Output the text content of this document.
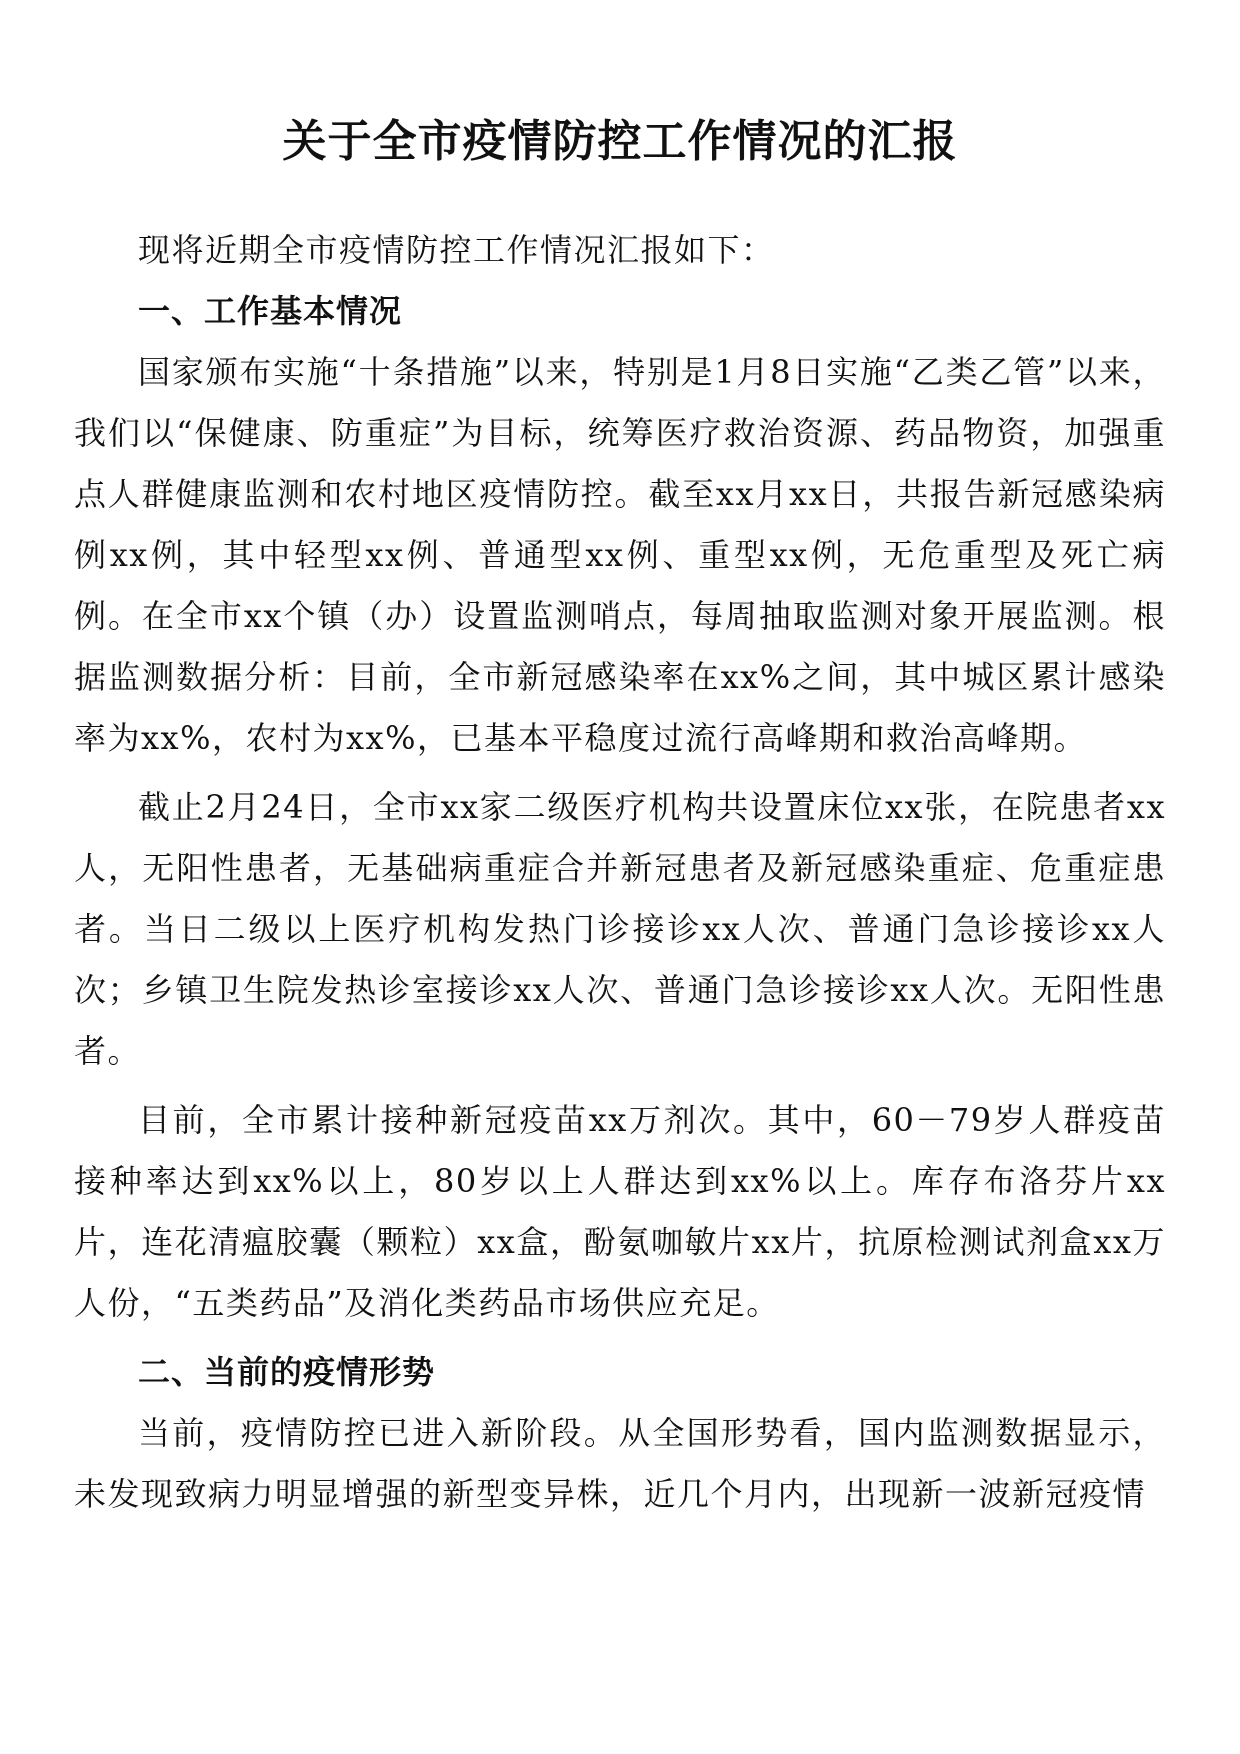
关于全市疫情防控工作情况的汇报

现将近期全市疫情防控工作情况汇报如下：

一、工作基本情况

国家颁布实施“十条措施”以来，特别是1月8日实施“乙类乙管”以来，我们以“保健康、防重症”为目标，统筹医疗救治资源、药品物资，加强重点人群健康监测和农村地区疫情防控。截至xx月xx日，共报告新冠感染病例xx例，其中轻型xx例、普通型xx例、重型xx例，无危重型及死亡病例。在全市xx个镇（办）设置监测哨点，每周抽取监测对象开展监测。根据监测数据分析：目前，全市新冠感染率在xx%之间，其中城区累计感染率为xx%，农村为xx%，已基本平稳度过流行高峰期和救治高峰期。

截止2月24日，全市xx家二级医疗机构共设置床位xx张，在院患者xx人，无阳性患者，无基础病重症合并新冠患者及新冠感染重症、危重症患者。当日二级以上医疗机构发热门诊接诊xx人次、普通门急诊接诊xx人次；乡镇卫生院发热诊室接诊xx人次、普通门急诊接诊xx人次。无阳性患者。

目前，全市累计接种新冠疫苗xx万剂次。其中，60－79岁人群疫苗接种率达到xx%以上，80岁以上人群达到xx%以上。库存布洛芬片xx片，连花清瘟胶囊（颗粒）xx盒，酚氨咖敏片xx片，抗原检测试剂盒xx万人份，“五类药品”及消化类药品市场供应充足。

二、当前的疫情形势

当前，疫情防控已进入新阶段。从全国形势看，国内监测数据显示，未发现致病力明显增强的新型变异株，近几个月内，出现新一波新冠疫情
